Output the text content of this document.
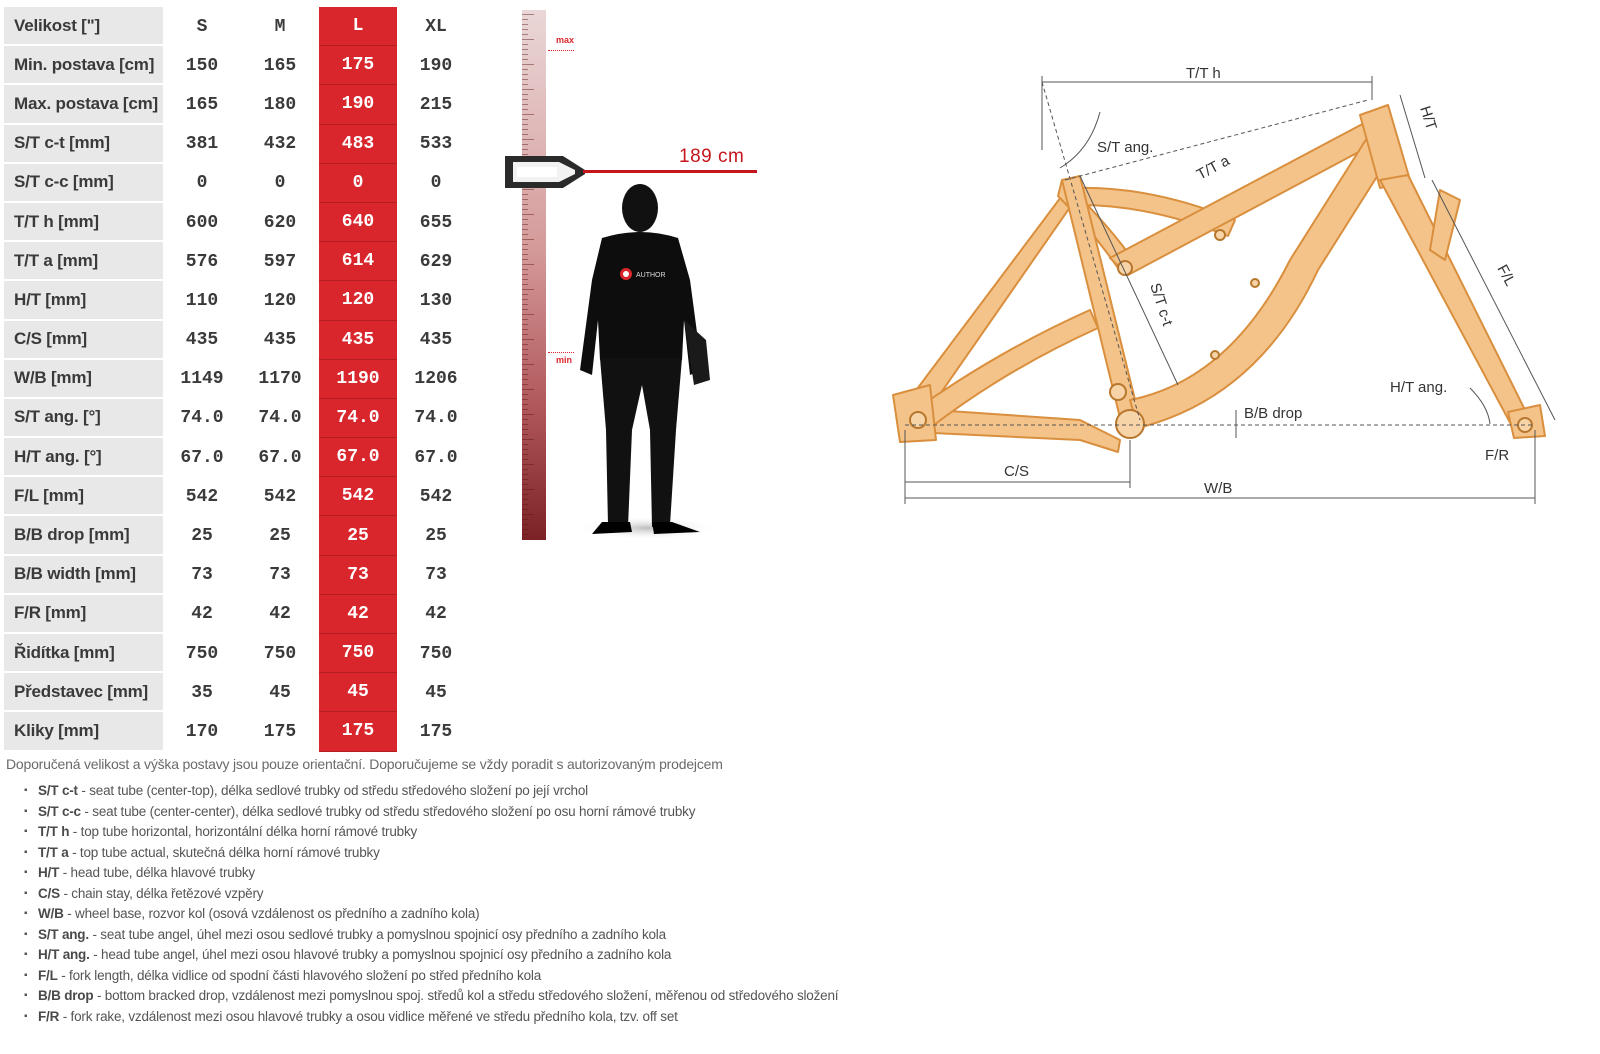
Velikost ["]	S	M	L	XL
Min. postava [cm]	150	165	175	190
Max. postava [cm]	165	180	190	215
S/T c-t [mm]	381	432	483	533
S/T c-c [mm]	0	0	0	0
T/T h [mm]	600	620	640	655
T/T a [mm]	576	597	614	629
H/T [mm]	110	120	120	130
C/S [mm]	435	435	435	435
W/B [mm]	1149	1170	1190	1206
S/T ang. [°]	74.0	74.0	74.0	74.0
H/T ang. [°]	67.0	67.0	67.0	67.0
F/L [mm]	542	542	542	542
B/B drop [mm]	25	25	25	25
B/B width [mm]	73	73	73	73
F/R [mm]	42	42	42	42
Řidítka [mm]	750	750	750	750
Představec [mm]	35	45	45	45
Kliky [mm]	170	175	175	175
max
min
189 cm
AUTHOR
T/T h
S/T ang.
T/T a
H/T
F/L
S/T c-t
H/T ang.
B/B drop
F/R
C/S
W/B

Doporučená velikost a výška postavy jsou pouze orientační. Doporučujeme se vždy poradit s autorizovaným prodejcem

▪ S/T c-t - seat tube (center-top), délka sedlové trubky od středu středového složení po její vrchol
▪ S/T c-c - seat tube (center-center), délka sedlové trubky od středu středového složení po osu horní rámové trubky
▪ T/T h - top tube horizontal, horizontální délka horní rámové trubky
▪ T/T a - top tube actual, skutečná délka horní rámové trubky
▪ H/T - head tube, délka hlavové trubky
▪ C/S - chain stay, délka řetězové vzpěry
▪ W/B - wheel base, rozvor kol (osová vzdálenost os předního a zadního kola)
▪ S/T ang. - seat tube angel, úhel mezi osou sedlové trubky a pomyslnou spojnicí osy předního a zadního kola
▪ H/T ang. - head tube angel, úhel mezi osou hlavové trubky a pomyslnou spojnicí osy předního a zadního kola
▪ F/L - fork length, délka vidlice od spodní části hlavového složení po střed předního kola
▪ B/B drop - bottom bracked drop, vzdálenost mezi pomyslnou spoj. středů kol a středu středového složení, měřenou od středového složení
▪ F/R - fork rake, vzdálenost mezi osou hlavové trubky a osou vidlice měřené ve středu předního kola, tzv. off set
